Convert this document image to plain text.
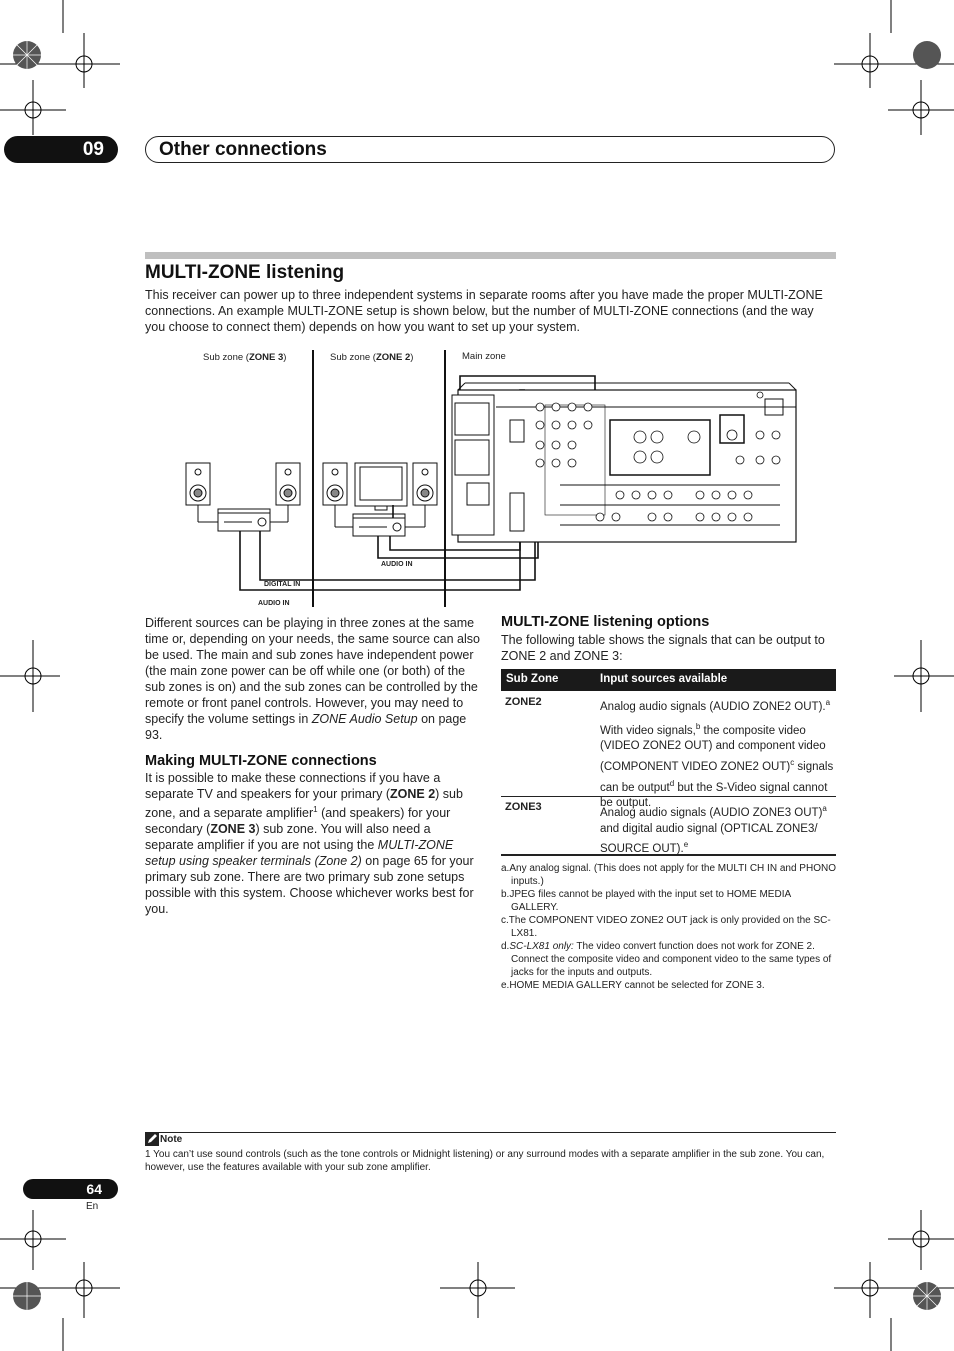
09	Other connections
MULTI-ZONE listening
This receiver can power up to three independent systems in separate rooms after you have made the proper MULTI-ZONE connections. An example MULTI-ZONE setup is shown below, but the number of MULTI-ZONE connections (and the way you choose to connect them) depends on how you want to set up your system.
Sub zone (ZONE 3)	Sub zone (ZONE 2)	Main zone
AUDIO IN
DIGITAL IN
AUDIO IN
Different sources can be playing in three zones at the same time or, depending on your needs, the same source can also be used. The main and sub zones have independent power (the main zone power can be off while one (or both) of the sub zones is on) and the sub zones can be controlled by the remote or front panel controls. However, you may need to specify the volume settings in ZONE Audio Setup on page 93.
Making MULTI-ZONE connections
It is possible to make these connections if you have a separate TV and speakers for your primary (ZONE 2) sub zone, and a separate amplifier$^1$ (and speakers) for your secondary (ZONE 3) sub zone. You will also need a separate amplifier if you are not using the MULTI-ZONE setup using speaker terminals (Zone 2) on page 65 for your primary sub zone. There are two primary sub zone setups possible with this system. Choose whichever works best for you.
MULTI-ZONE listening options
The following table shows the signals that can be output to ZONE 2 and ZONE 3:
Sub Zone	Input sources available
ZONE2	Analog audio signals (AUDIO ZONE2 OUT).$^a$
With video signals,$^b$ the composite video (VIDEO ZONE2 OUT) and component video (COMPONENT VIDEO ZONE2 OUT)$^c$ signals can be output$^d$ but the S-Video signal cannot be output.
ZONE3	Analog audio signals (AUDIO ZONE3 OUT)$^a$ and digital audio signal (OPTICAL ZONE3/ SOURCE OUT).$^e$
a.Any analog signal. (This does not apply for the MULTI CH IN and PHONO inputs.)
b.JPEG files cannot be played with the input set to HOME MEDIA GALLERY.
c.The COMPONENT VIDEO ZONE2 OUT jack is only provided on the SC-LX81.
d.SC-LX81 only: The video convert function does not work for ZONE 2. Connect the composite video and component video to the same types of jacks for the inputs and outputs.
e.HOME MEDIA GALLERY cannot be selected for ZONE 3.
Note
1 You can’t use sound controls (such as the tone controls or Midnight listening) or any surround modes with a separate amplifier in the sub zone. You can, however, use the features available with your sub zone amplifier.
64
En
